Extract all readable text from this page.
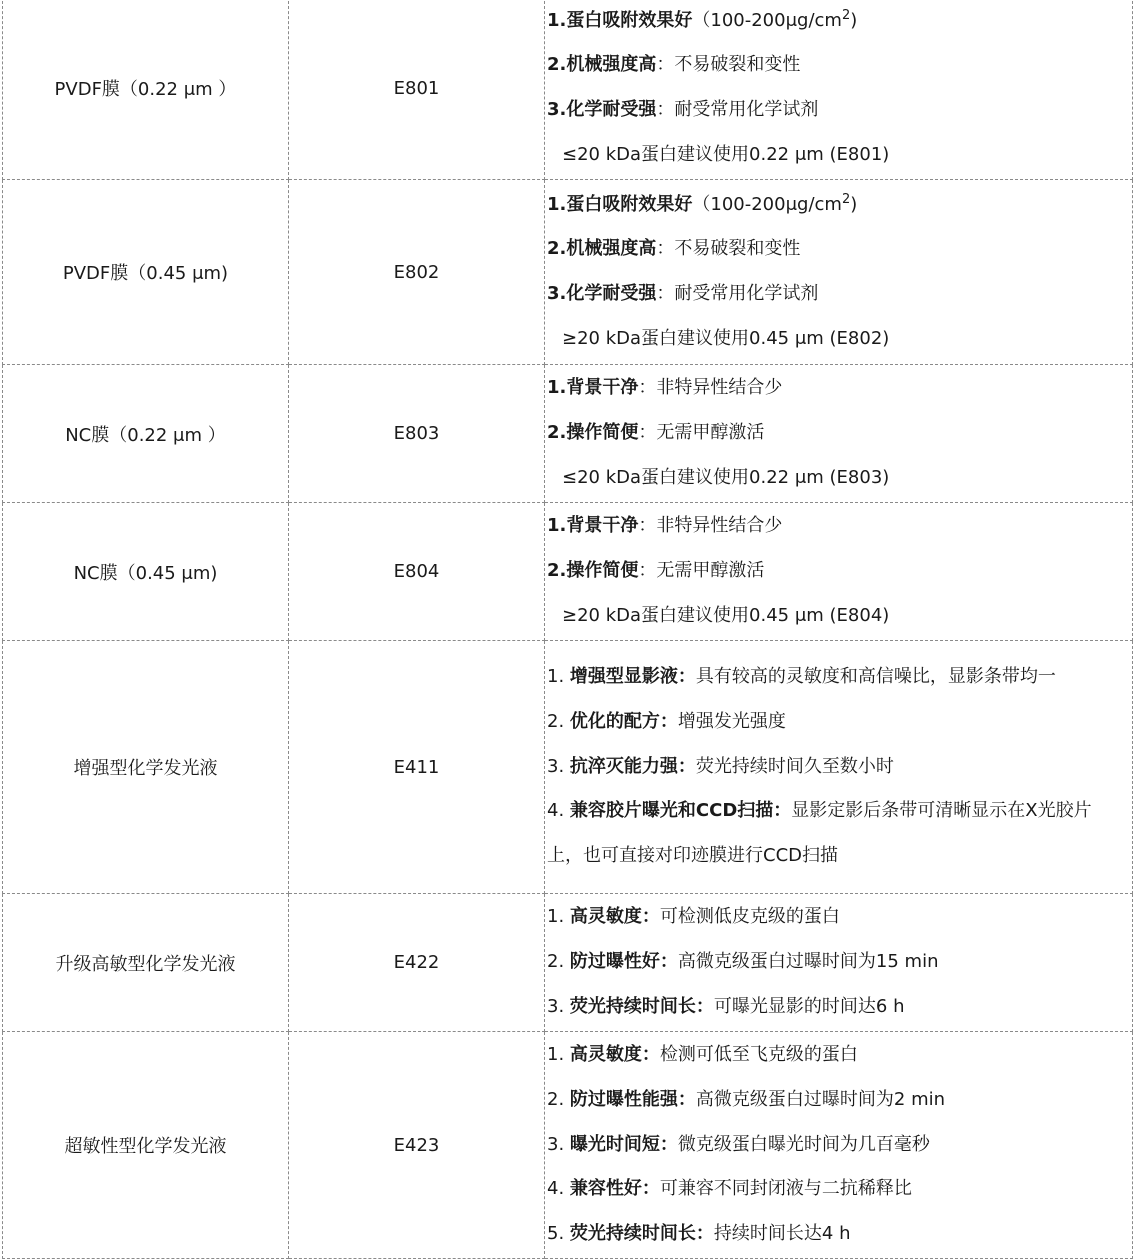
PVDF膜（0.22 μm ）	E801	1.蛋白吸附效果好$(100-200\mu g/cm^2)$
2.机械强度高：不易破裂和变性
3.化学耐受强：耐受常用化学试剂
≤20 kDa蛋白建议使用0.22 μm (E801)

PVDF膜（0.45 μm)	E802	1.蛋白吸附效果好$(100-200\mu g/cm^2)$
2.机械强度高：不易破裂和变性
3.化学耐受强：耐受常用化学试剂
≥20 kDa蛋白建议使用0.45 μm (E802)

NC膜（0.22 μm ）	E803	1.背景干净：非特异性结合少
2.操作简便：无需甲醇激活
≤20 kDa蛋白建议使用0.22 μm (E803)

NC膜（0.45 μm)	E804	1.背景干净：非特异性结合少
2.操作简便：无需甲醇激活
≥20 kDa蛋白建议使用0.45 μm (E804)

增强型化学发光液	E411	1. 增强型显影液：具有较高的灵敏度和高信噪比，显影条带均一
2. 优化的配方：增强发光强度
3. 抗淬灭能力强：荧光持续时间久至数小时
4. 兼容胶片曝光和CCD扫描：显影定影后条带可清晰显示在X光胶片
上，也可直接对印迹膜进行CCD扫描

升级高敏型化学发光液	E422	1. 高灵敏度：可检测低皮克级的蛋白
2. 防过曝性好：高微克级蛋白过曝时间为15 min
3. 荧光持续时间长：可曝光显影的时间达6 h

超敏性型化学发光液	E423	1. 高灵敏度：检测可低至飞克级的蛋白
2. 防过曝性能强：高微克级蛋白过曝时间为2 min
3. 曝光时间短：微克级蛋白曝光时间为几百毫秒
4. 兼容性好：可兼容不同封闭液与二抗稀释比
5. 荧光持续时间长：持续时间长达4 h
